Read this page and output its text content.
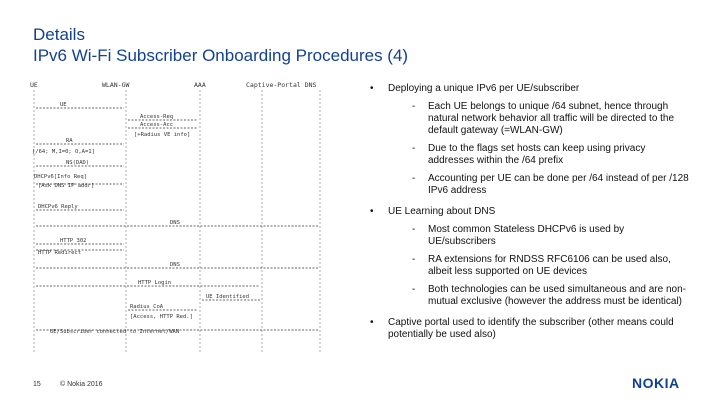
Details
IPv6 Wi-Fi Subscriber Onboarding Procedures (4)
UE	WLAN-GW	AAA	Captive-Portal DNS
UE
Access-Req
Access-Acc
[+Radius VE info]
RA
[/64; M,I=0; O,A=1]
NS(DAD)
DHCPv6[Info Req]
[Ask DNS IP addr]
DHCPv6 Reply
DNS
HTTP 302
HTTP Redirect
DNS
HTTP Login
UE Identified
Radius CoA
[Access, HTTP Red.]
UE/Subscriber connected to Internet/WAN
• Deploying a unique IPv6 per UE/subscriber
- Each UE belongs to unique /64 subnet, hence through natural network behavior all traffic will be directed to the default gateway (=WLAN-GW)
- Due to the flags set hosts can keep using privacy addresses within the /64 prefix
- Accounting per UE can be done per /64 instead of per /128 IPv6 address
• UE Learning about DNS
- Most common Stateless DHCPv6 is used by UE/subscribers
- RA extensions for RNDSS RFC6106 can be used also, albeit less supported on UE devices
- Both technologies can be used simultaneous and are non-mutual exclusive (however the address must be identical)
• Captive portal used to identify the subscriber (other means could potentially be used also)
15	© Nokia 2016	NOKIA
